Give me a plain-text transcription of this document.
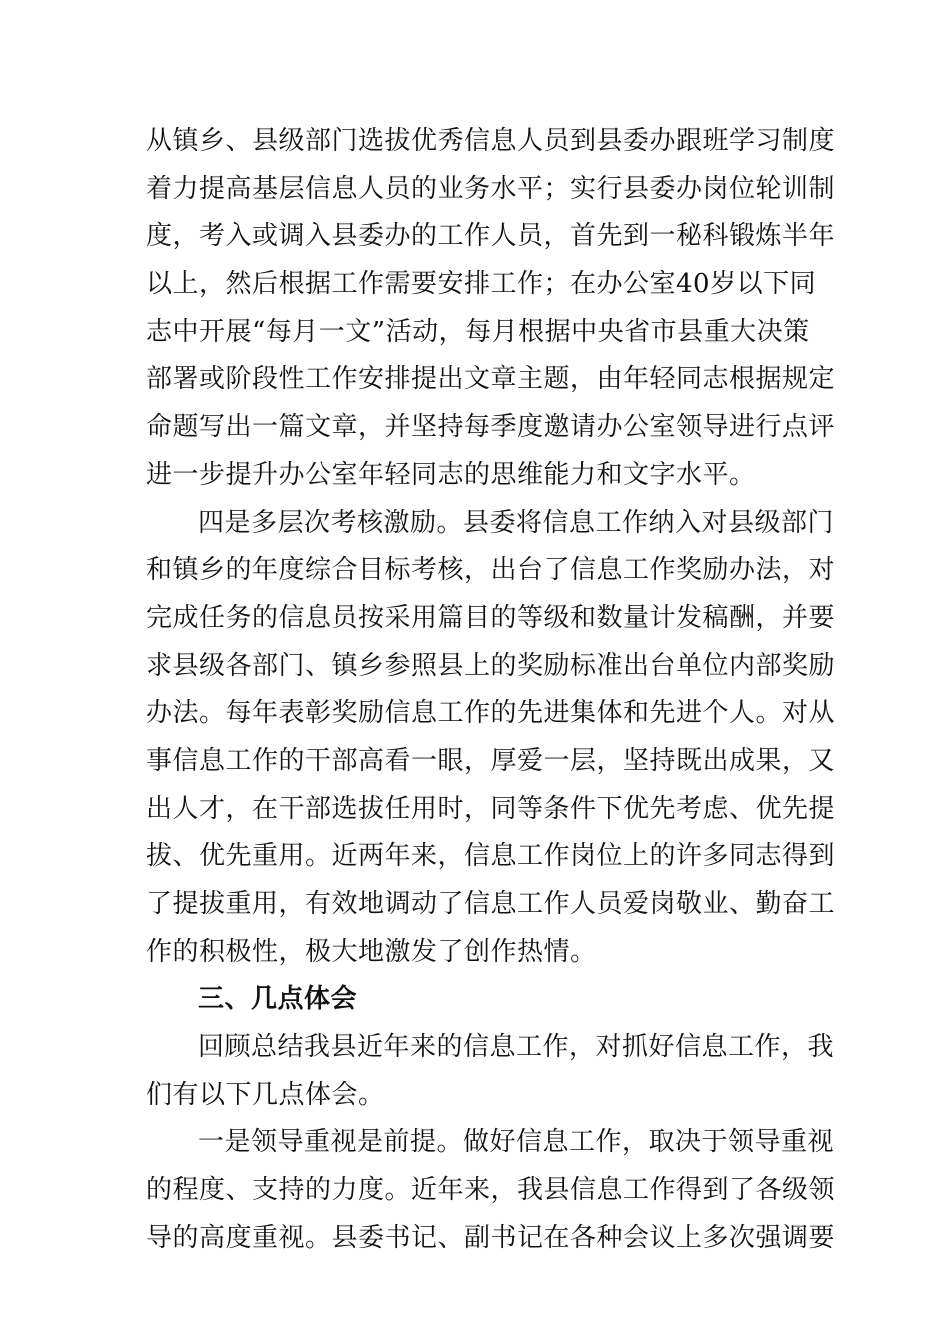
从镇乡、县级部门选拔优秀信息人员到县委办跟班学习制度
着力提高基层信息人员的业务水平；实行县委办岗位轮训制
度，考入或调入县委办的工作人员，首先到一秘科锻炼半年
以上，然后根据工作需要安排工作；在办公室40岁以下同
志中开展“每月一文”活动，每月根据中央省市县重大决策
部署或阶段性工作安排提出文章主题，由年轻同志根据规定
命题写出一篇文章，并坚持每季度邀请办公室领导进行点评
进一步提升办公室年轻同志的思维能力和文字水平。
四是多层次考核激励。县委将信息工作纳入对县级部门
和镇乡的年度综合目标考核，出台了信息工作奖励办法，对
完成任务的信息员按采用篇目的等级和数量计发稿酬，并要
求县级各部门、镇乡参照县上的奖励标准出台单位内部奖励
办法。每年表彰奖励信息工作的先进集体和先进个人。对从
事信息工作的干部高看一眼，厚爱一层，坚持既出成果，又
出人才，在干部选拔任用时，同等条件下优先考虑、优先提
拔、优先重用。近两年来，信息工作岗位上的许多同志得到
了提拔重用，有效地调动了信息工作人员爱岗敬业、勤奋工
作的积极性，极大地激发了创作热情。
三、几点体会
回顾总结我县近年来的信息工作，对抓好信息工作，我
们有以下几点体会。
一是领导重视是前提。做好信息工作，取决于领导重视
的程度、支持的力度。近年来，我县信息工作得到了各级领
导的高度重视。县委书记、副书记在各种会议上多次强调要
